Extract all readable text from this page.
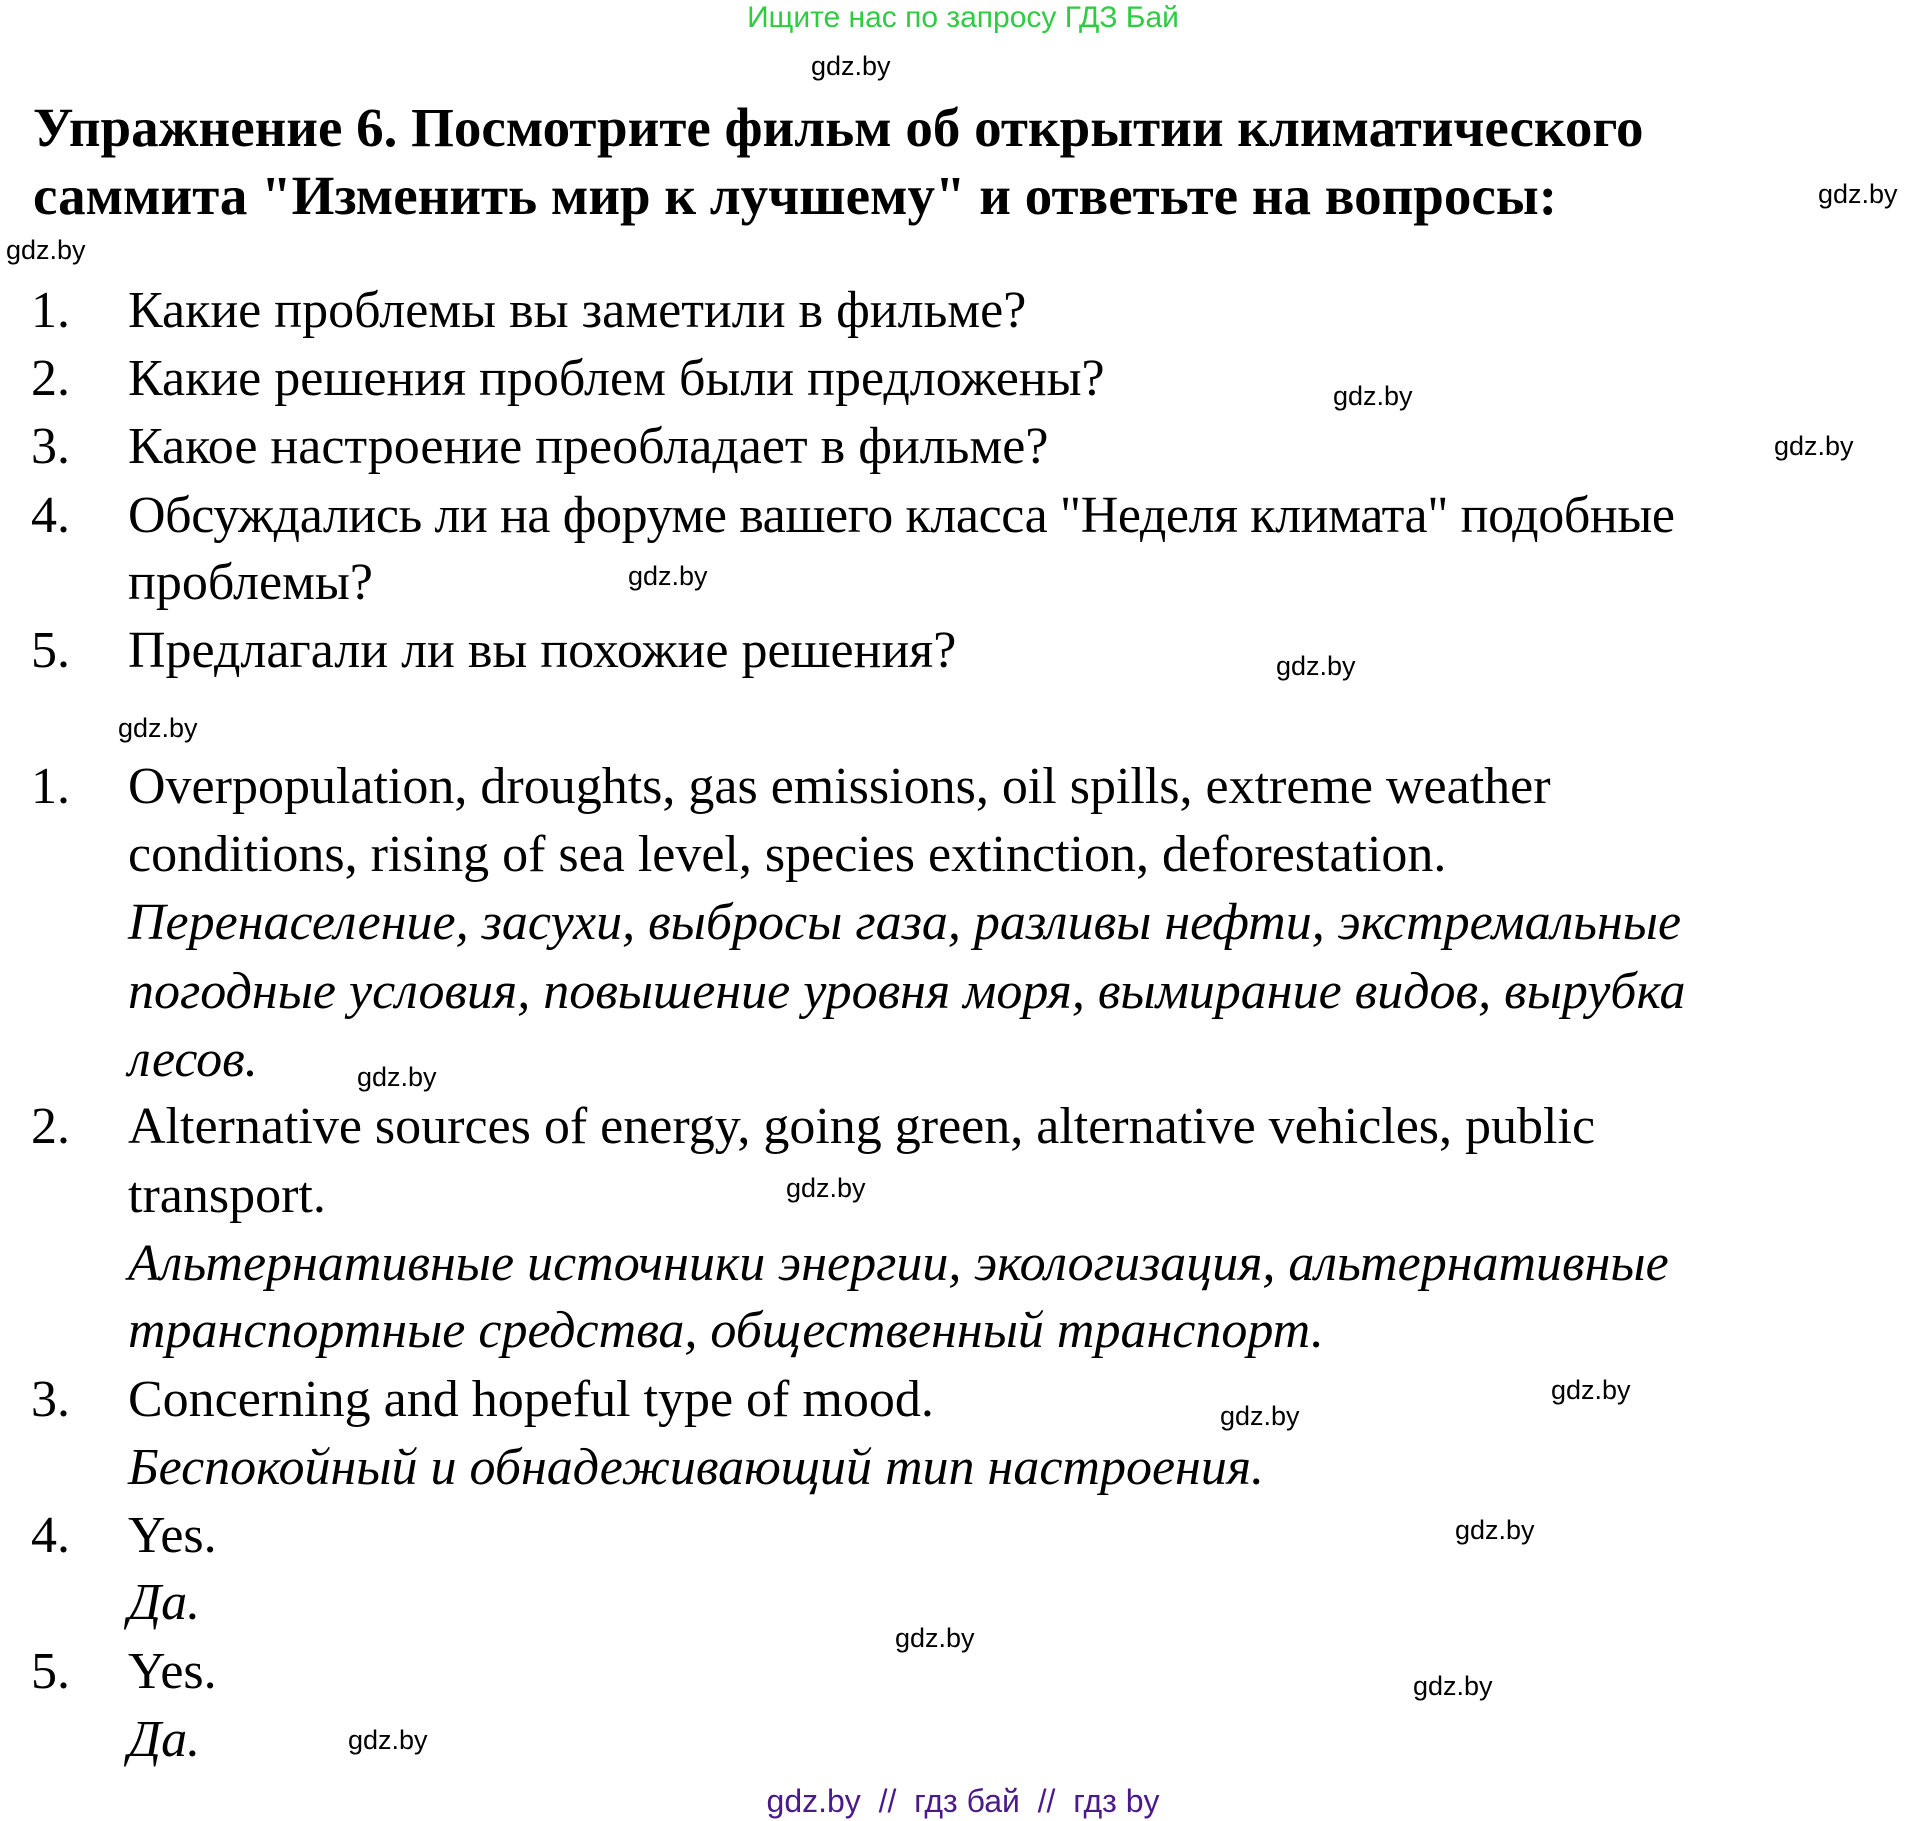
Ищите нас по запросу ГДЗ Бай
Упражнение 6. Посмотрите фильм об открытии климатического
саммита "Изменить мир к лучшему" и ответьте на вопросы:
1. Какие проблемы вы заметили в фильме?
2. Какие решения проблем были предложены?
3. Какое настроение преобладает в фильме?
4. Обсуждались ли на форуме вашего класса "Неделя климата" подобные
проблемы?
5. Предлагали ли вы похожие решения?
1. Overpopulation, droughts, gas emissions, oil spills, extreme weather
conditions, rising of sea level, species extinction, deforestation.
Перенаселение, засухи, выбросы газа, разливы нефти, экстремальные
погодные условия, повышение уровня моря, вымирание видов, вырубка
лесов.
2. Alternative sources of energy, going green, alternative vehicles, public
transport.
Альтернативные источники энергии, экологизация, альтернативные
транспортные средства, общественный транспорт.
3. Concerning and hopeful type of mood.
Беспокойный и обнадеживающий тип настроения.
4. Yes.
Да.
5. Yes.
Да.
gdz.by
gdz.by
gdz.by
gdz.by
gdz.by
gdz.by
gdz.by
gdz.by
gdz.by
gdz.by
gdz.by
gdz.by
gdz.by
gdz.by
gdz.by
gdz.by
gdz.by  //  гдз бай  //  гдз by
